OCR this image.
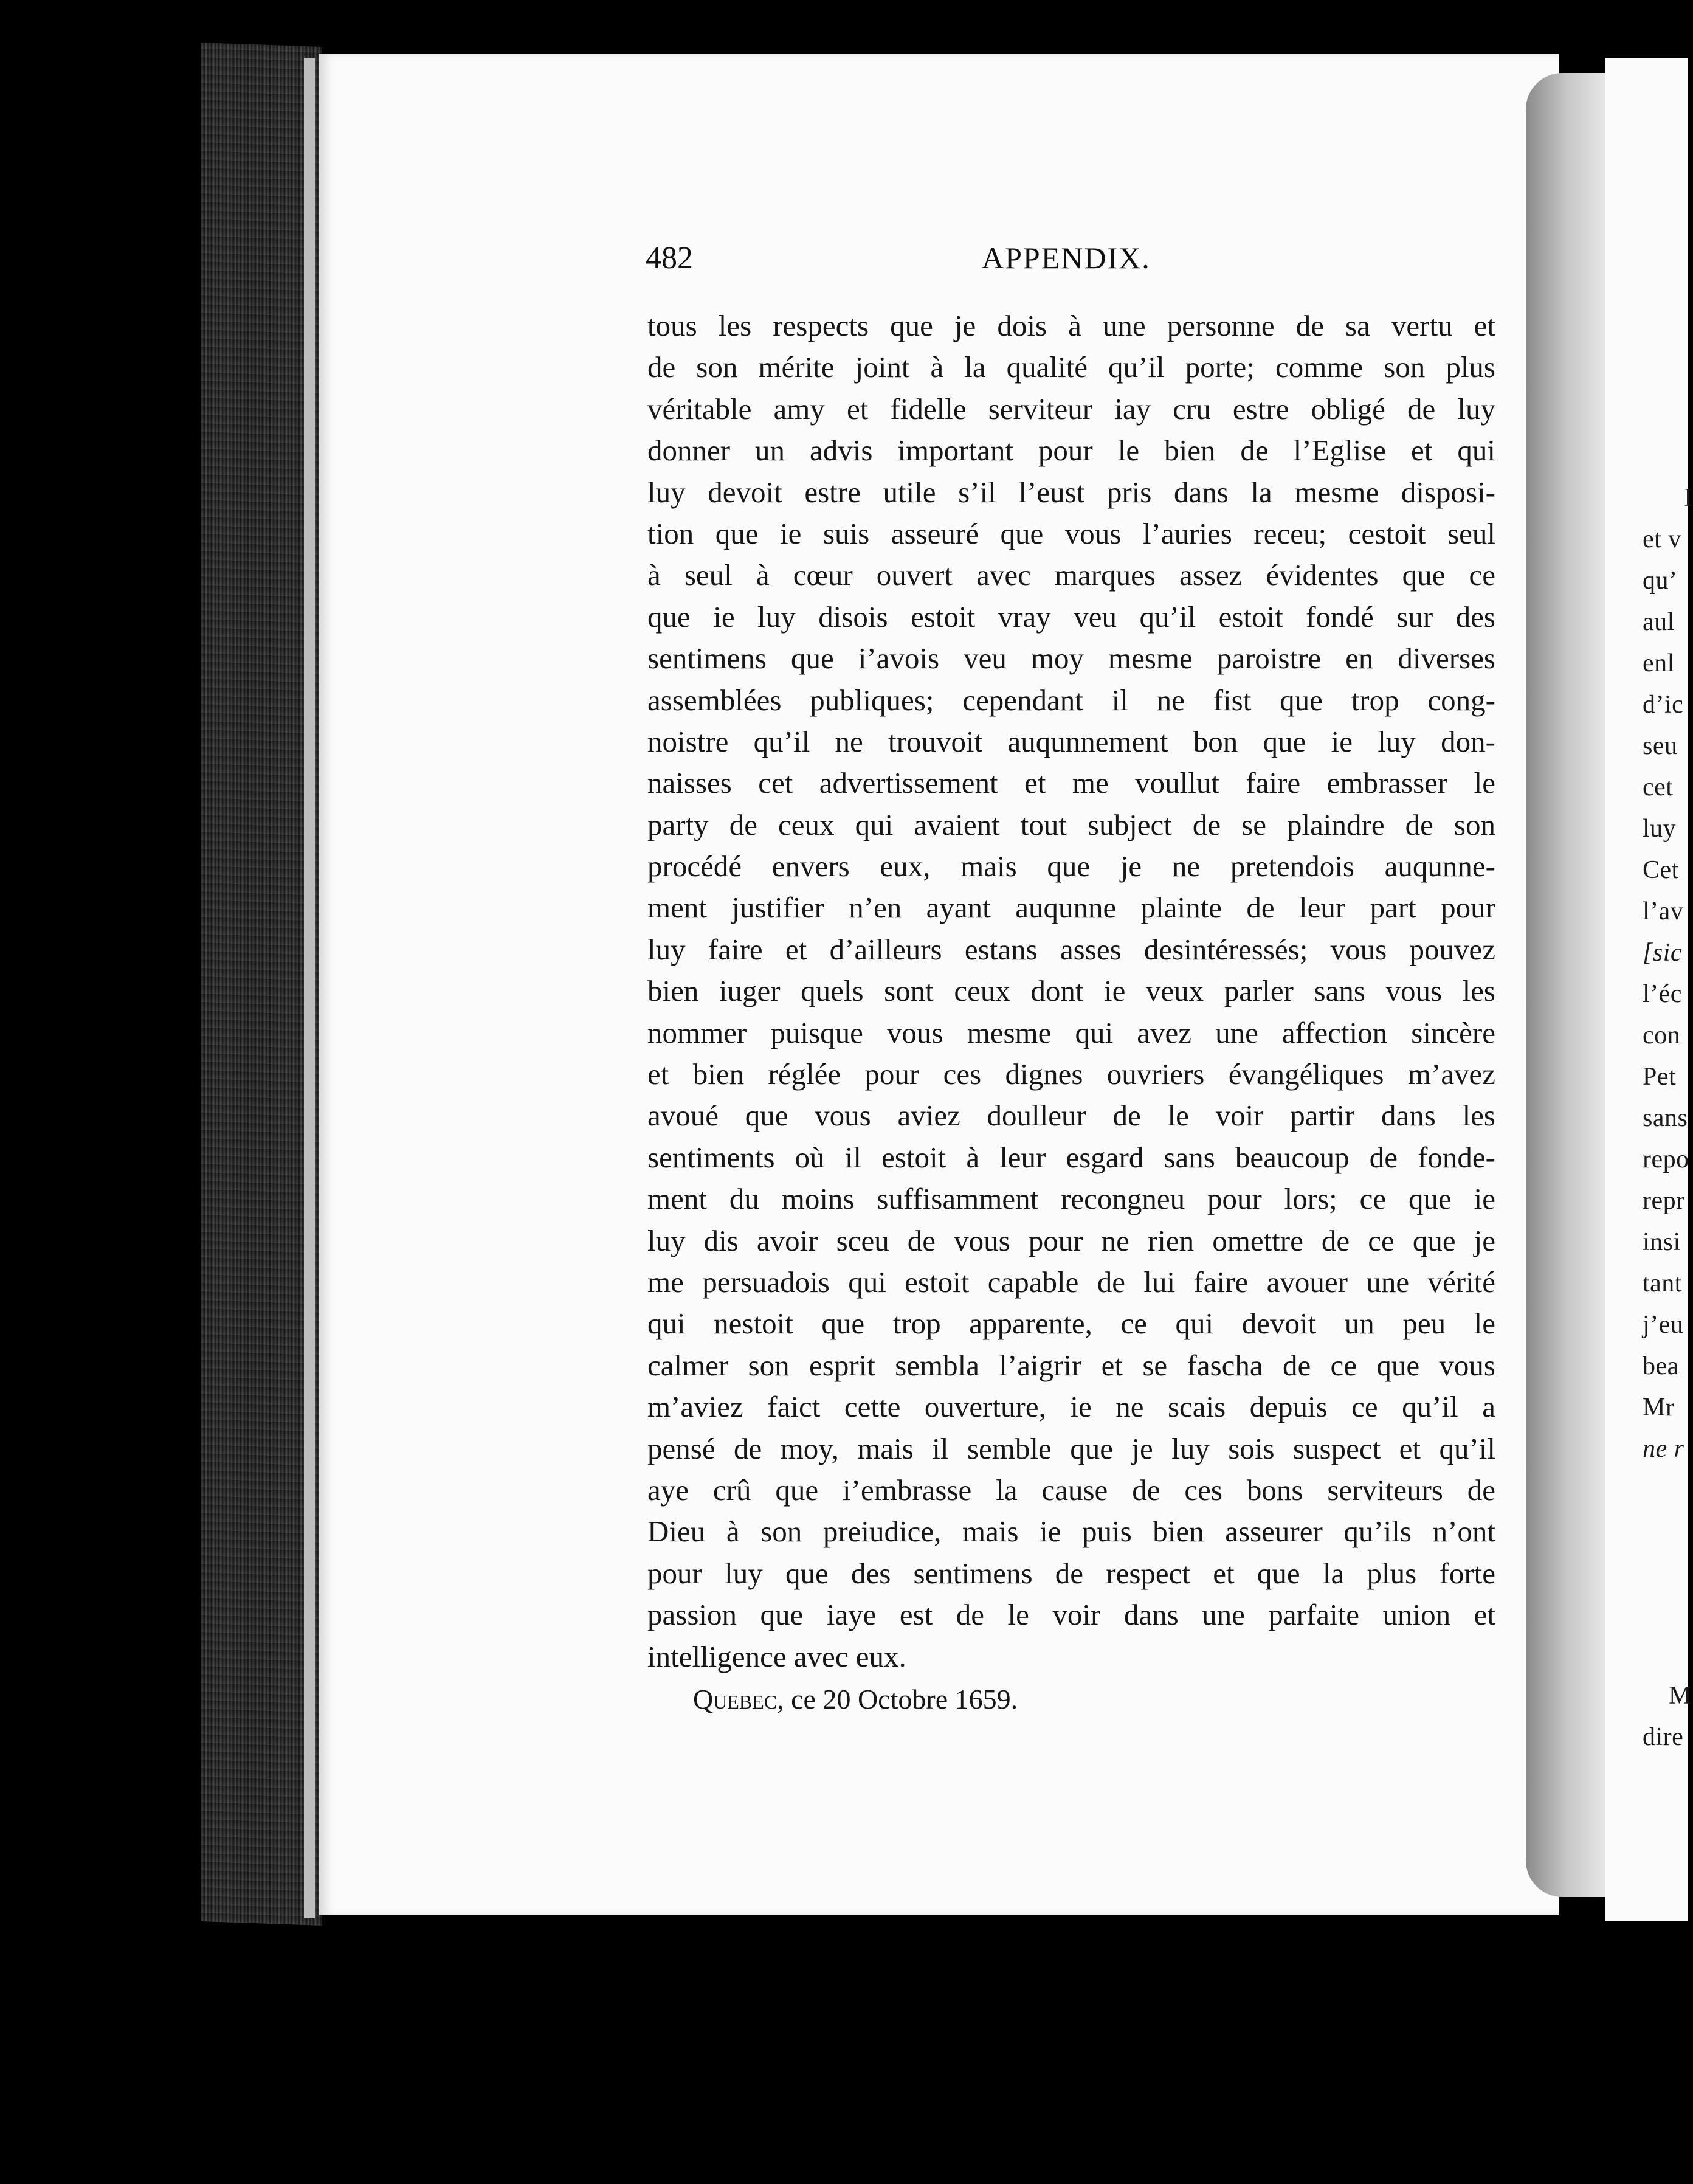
I
et v
qu’
aul
enl
d’ic
seu
cet
luy
Cet
l’av
[sic
l’éc
con
Pet
sans
repo
repr
insi
tant
j’eu
bea
Mr
ne r
M
dire
482	APPENDIX.
tous les respects que je dois à une personne de sa vertu et
de son mérite joint à la qualité qu’il porte; comme son plus
véritable amy et fidelle serviteur iay cru estre obligé de luy
donner un advis important pour le bien de l’Eglise et qui
luy devoit estre utile s’il l’eust pris dans la mesme disposi-
tion que ie suis asseuré que vous l’auries receu; cestoit seul
à seul à cœur ouvert avec marques assez évidentes que ce
que ie luy disois estoit vray veu qu’il estoit fondé sur des
sentimens que i’avois veu moy mesme paroistre en diverses
assemblées publiques; cependant il ne fist que trop cong-
noistre qu’il ne trouvoit auqunnement bon que ie luy don-
naisses cet advertissement et me voullut faire embrasser le
party de ceux qui avaient tout subject de se plaindre de son
procédé envers eux, mais que je ne pretendois auqunne-
ment justifier n’en ayant auqunne plainte de leur part pour
luy faire et d’ailleurs estans asses desintéressés; vous pouvez
bien iuger quels sont ceux dont ie veux parler sans vous les
nommer puisque vous mesme qui avez une affection sincère
et bien réglée pour ces dignes ouvriers évangéliques m’avez
avoué que vous aviez doulleur de le voir partir dans les
sentiments où il estoit à leur esgard sans beaucoup de fonde-
ment du moins suffisamment recongneu pour lors; ce que ie
luy dis avoir sceu de vous pour ne rien omettre de ce que je
me persuadois qui estoit capable de lui faire avouer une vérité
qui nestoit que trop apparente, ce qui devoit un peu le
calmer son esprit sembla l’aigrir et se fascha de ce que vous
m’aviez faict cette ouverture, ie ne scais depuis ce qu’il a
pensé de moy, mais il semble que je luy sois suspect et qu’il
aye crû que i’embrasse la cause de ces bons serviteurs de
Dieu à son preiudice, mais ie puis bien asseurer qu’ils n’ont
pour luy que des sentimens de respect et que la plus forte
passion que iaye est de le voir dans une parfaite union et
intelligence avec eux.
Quebec, ce 20 Octobre 1659.
